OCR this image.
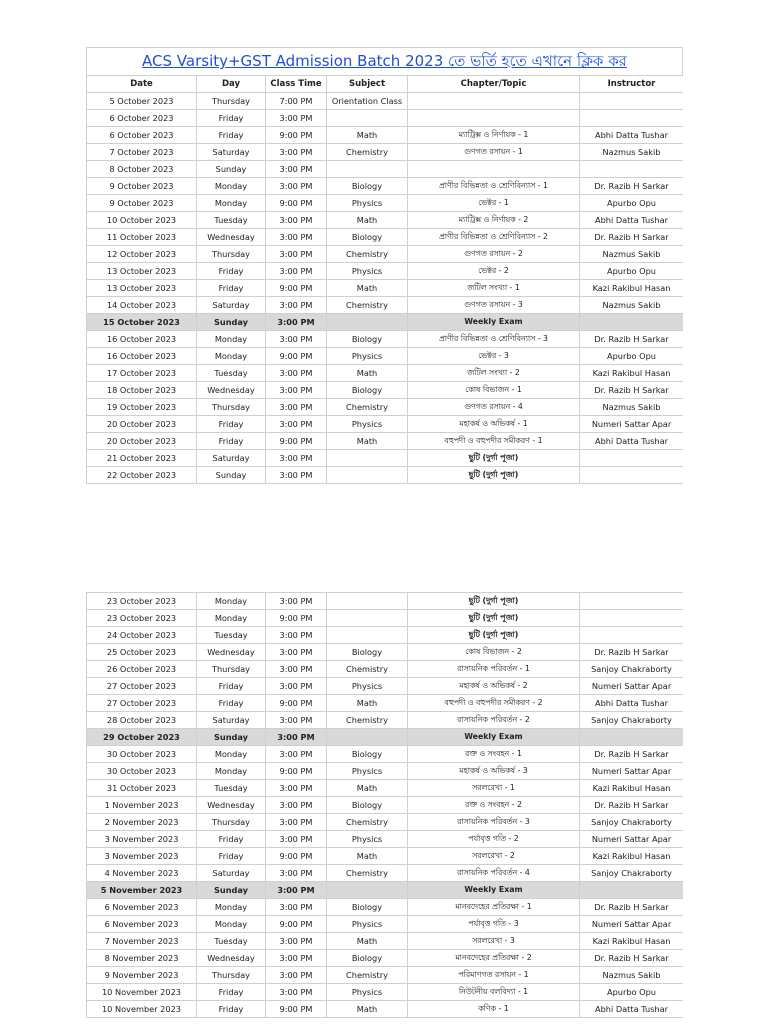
ACS Varsity+GST Admission Batch 2023 তে ভর্তি হতে এখানে ক্লিক কর
Date	Day	Class Time	Subject	Chapter/Topic	Instructor
5 October 2023	Thursday	7:00 PM	Orientation Class		
6 October 2023	Friday	3:00 PM			
6 October 2023	Friday	9:00 PM	Math	ম্যাট্রিক্স ও নির্ণায়ক - 1	Abhi Datta Tushar
7 October 2023	Saturday	3:00 PM	Chemistry	গুণগত রসায়ন - 1	Nazmus Sakib
8 October 2023	Sunday	3:00 PM			
9 October 2023	Monday	3:00 PM	Biology	প্রাণীর বিভিন্নতা ও শ্রেণিবিন্যাস - 1	Dr. Razib H Sarkar
9 October 2023	Monday	9:00 PM	Physics	ভেক্টর - 1	Apurbo Opu
10 October 2023	Tuesday	3:00 PM	Math	ম্যাট্রিক্স ও নির্ণায়ক - 2	Abhi Datta Tushar
11 October 2023	Wednesday	3:00 PM	Biology	প্রাণীর বিভিন্নতা ও শ্রেণিবিন্যাস - 2	Dr. Razib H Sarkar
12 October 2023	Thursday	3:00 PM	Chemistry	গুণগত রসায়ন - 2	Nazmus Sakib
13 October 2023	Friday	3:00 PM	Physics	ভেক্টর - 2	Apurbo Opu
13 October 2023	Friday	9:00 PM	Math	জটিল সংখ্যা - 1	Kazi Rakibul Hasan
14 October 2023	Saturday	3:00 PM	Chemistry	গুণগত রসায়ন - 3	Nazmus Sakib
15 October 2023	Sunday	3:00 PM		Weekly Exam	
16 October 2023	Monday	3:00 PM	Biology	প্রাণীর বিভিন্নতা ও শ্রেণিবিন্যাস - 3	Dr. Razib H Sarkar
16 October 2023	Monday	9:00 PM	Physics	ভেক্টর - 3	Apurbo Opu
17 October 2023	Tuesday	3:00 PM	Math	জটিল সংখ্যা - 2	Kazi Rakibul Hasan
18 October 2023	Wednesday	3:00 PM	Biology	কোষ বিভাজন - 1	Dr. Razib H Sarkar
19 October 2023	Thursday	3:00 PM	Chemistry	গুণগত রসায়ন - 4	Nazmus Sakib
20 October 2023	Friday	3:00 PM	Physics	মহাকর্ষ ও অভিকর্ষ - 1	Numeri Sattar Apar
20 October 2023	Friday	9:00 PM	Math	বহুপদী ও বহুপদীর সমীকরণ - 1	Abhi Datta Tushar
21 October 2023	Saturday	3:00 PM		ছুটি (দুর্গা পূজা)	
22 October 2023	Sunday	3:00 PM		ছুটি (দুর্গা পূজা)	
23 October 2023	Monday	3:00 PM		ছুটি (দুর্গা পূজা)	
23 October 2023	Monday	9:00 PM		ছুটি (দুর্গা পূজা)	
24 October 2023	Tuesday	3:00 PM		ছুটি (দুর্গা পূজা)	
25 October 2023	Wednesday	3:00 PM	Biology	কোষ বিভাজন - 2	Dr. Razib H Sarkar
26 October 2023	Thursday	3:00 PM	Chemistry	রাসায়নিক পরিবর্তন - 1	Sanjoy Chakraborty
27 October 2023	Friday	3:00 PM	Physics	মহাকর্ষ ও অভিকর্ষ - 2	Numeri Sattar Apar
27 October 2023	Friday	9:00 PM	Math	বহুপদী ও বহুপদীর সমীকরণ - 2	Abhi Datta Tushar
28 October 2023	Saturday	3:00 PM	Chemistry	রাসায়নিক পরিবর্তন - 2	Sanjoy Chakraborty
29 October 2023	Sunday	3:00 PM		Weekly Exam	
30 October 2023	Monday	3:00 PM	Biology	রক্ত ও সংবহন - 1	Dr. Razib H Sarkar
30 October 2023	Monday	9:00 PM	Physics	মহাকর্ষ ও অভিকর্ষ - 3	Numeri Sattar Apar
31 October 2023	Tuesday	3:00 PM	Math	সরলরেখা - 1	Kazi Rakibul Hasan
1 November 2023	Wednesday	3:00 PM	Biology	রক্ত ও সংবহন - 2	Dr. Razib H Sarkar
2 November 2023	Thursday	3:00 PM	Chemistry	রাসায়নিক পরিবর্তন - 3	Sanjoy Chakraborty
3 November 2023	Friday	3:00 PM	Physics	পর্যাবৃত্ত গতি - 2	Numeri Sattar Apar
3 November 2023	Friday	9:00 PM	Math	সরলরেখা - 2	Kazi Rakibul Hasan
4 November 2023	Saturday	3:00 PM	Chemistry	রাসায়নিক পরিবর্তন - 4	Sanjoy Chakraborty
5 November 2023	Sunday	3:00 PM		Weekly Exam	
6 November 2023	Monday	3:00 PM	Biology	মানবদেহের প্রতিরক্ষা - 1	Dr. Razib H Sarkar
6 November 2023	Monday	9:00 PM	Physics	পর্যাবৃত্ত গতি - 3	Numeri Sattar Apar
7 November 2023	Tuesday	3:00 PM	Math	সরলরেখা - 3	Kazi Rakibul Hasan
8 November 2023	Wednesday	3:00 PM	Biology	মানবদেহের প্রতিরক্ষা - 2	Dr. Razib H Sarkar
9 November 2023	Thursday	3:00 PM	Chemistry	পরিমাণগত রসায়ন - 1	Nazmus Sakib
10 November 2023	Friday	3:00 PM	Physics	নিউটনীয় বলবিদ্যা - 1	Apurbo Opu
10 November 2023	Friday	9:00 PM	Math	কণিক - 1	Abhi Datta Tushar
